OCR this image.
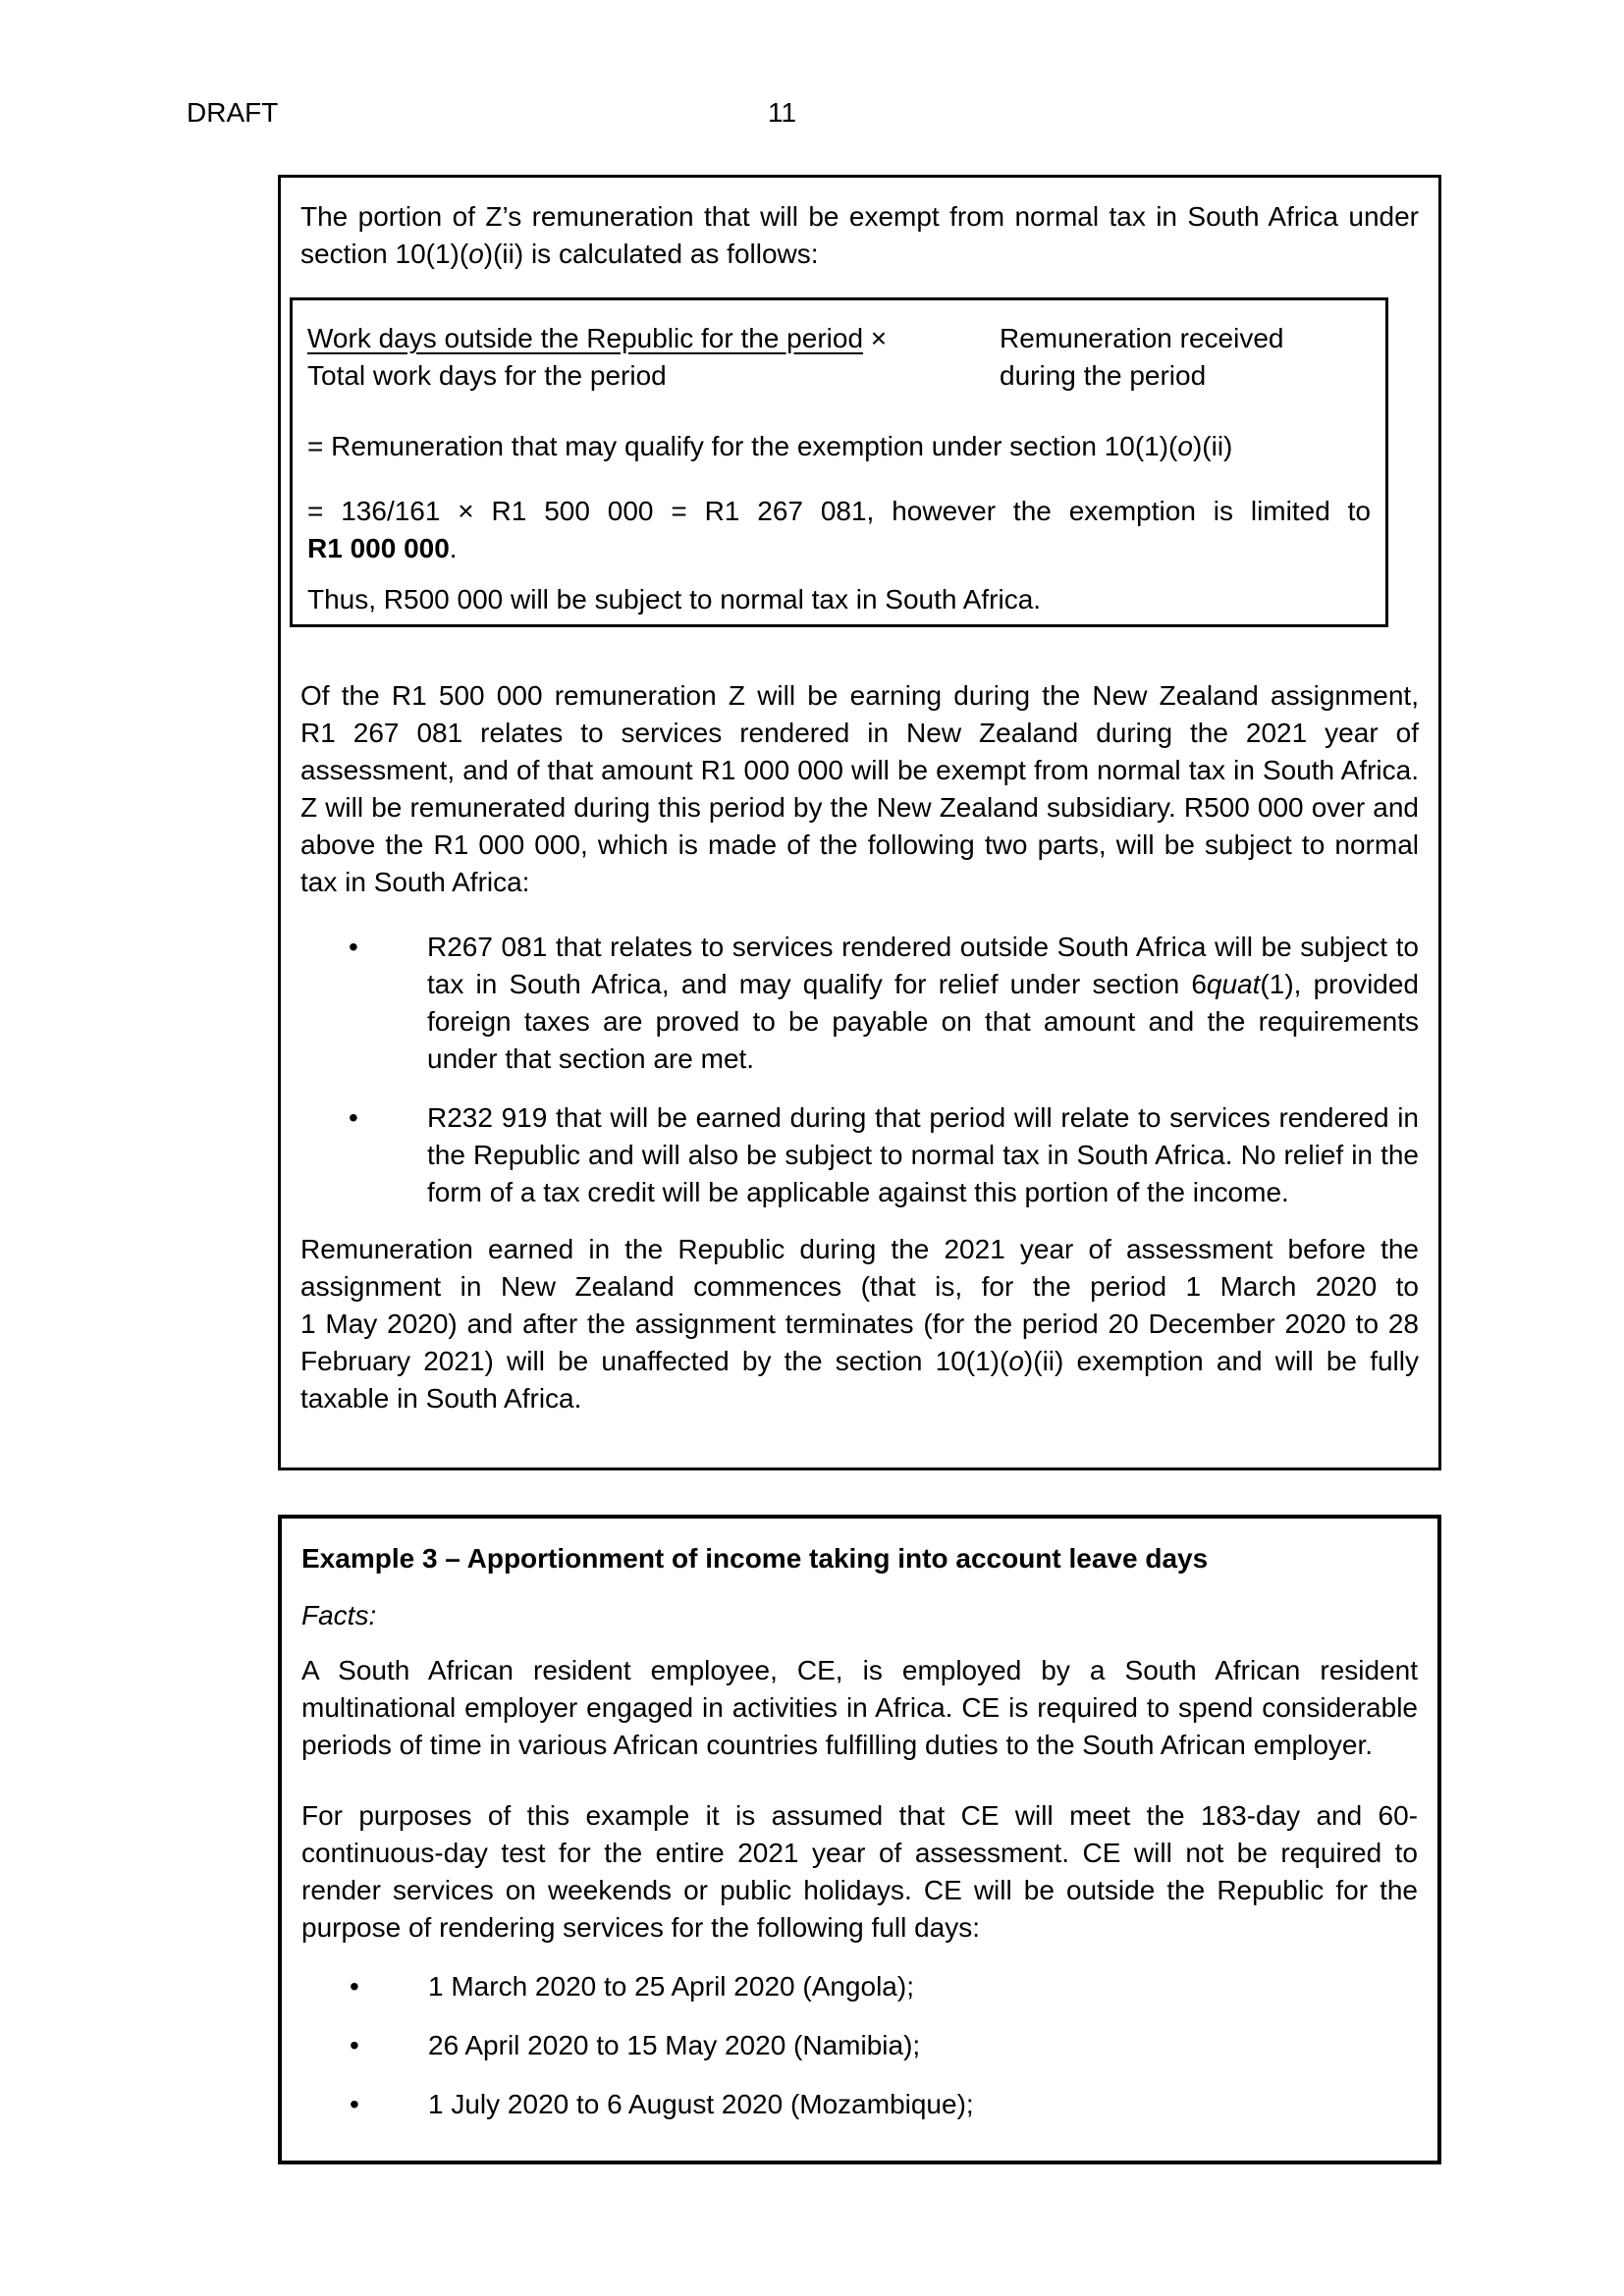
DRAFT	11

The portion of Z’s remuneration that will be exempt from normal tax in South Africa under section 10(1)(o)(ii) is calculated as follows:

Work days outside the Republic for the period ×
Total work days for the period
Remuneration received
during the period

= Remuneration that may qualify for the exemption under section 10(1)(o)(ii)

= 136/161 × R1 500 000 = R1 267 081, however the exemption is limited to R1 000 000.

Thus, R500 000 will be subject to normal tax in South Africa.

Of the R1 500 000 remuneration Z will be earning during the New Zealand assignment, R1 267 081 relates to services rendered in New Zealand during the 2021 year of assessment, and of that amount R1 000 000 will be exempt from normal tax in South Africa. Z will be remunerated during this period by the New Zealand subsidiary. R500 000 over and above the R1 000 000, which is made of the following two parts, will be subject to normal tax in South Africa:

•	R267 081 that relates to services rendered outside South Africa will be subject to tax in South Africa, and may qualify for relief under section 6quat(1), provided foreign taxes are proved to be payable on that amount and the requirements under that section are met.
•	R232 919 that will be earned during that period will relate to services rendered in the Republic and will also be subject to normal tax in South Africa. No relief in the form of a tax credit will be applicable against this portion of the income.

Remuneration earned in the Republic during the 2021 year of assessment before the assignment in New Zealand commences (that is, for the period 1 March 2020 to 1 May 2020) and after the assignment terminates (for the period 20 December 2020 to 28 February 2021) will be unaffected by the section 10(1)(o)(ii) exemption and will be fully taxable in South Africa.

Example 3 – Apportionment of income taking into account leave days

Facts:

A South African resident employee, CE, is employed by a South African resident multinational employer engaged in activities in Africa. CE is required to spend considerable periods of time in various African countries fulfilling duties to the South African employer.

For purposes of this example it is assumed that CE will meet the 183-day and 60-continuous-day test for the entire 2021 year of assessment. CE will not be required to render services on weekends or public holidays. CE will be outside the Republic for the purpose of rendering services for the following full days:

•	1 March 2020 to 25 April 2020 (Angola);
•	26 April 2020 to 15 May 2020 (Namibia);
•	1 July 2020 to 6 August 2020 (Mozambique);
